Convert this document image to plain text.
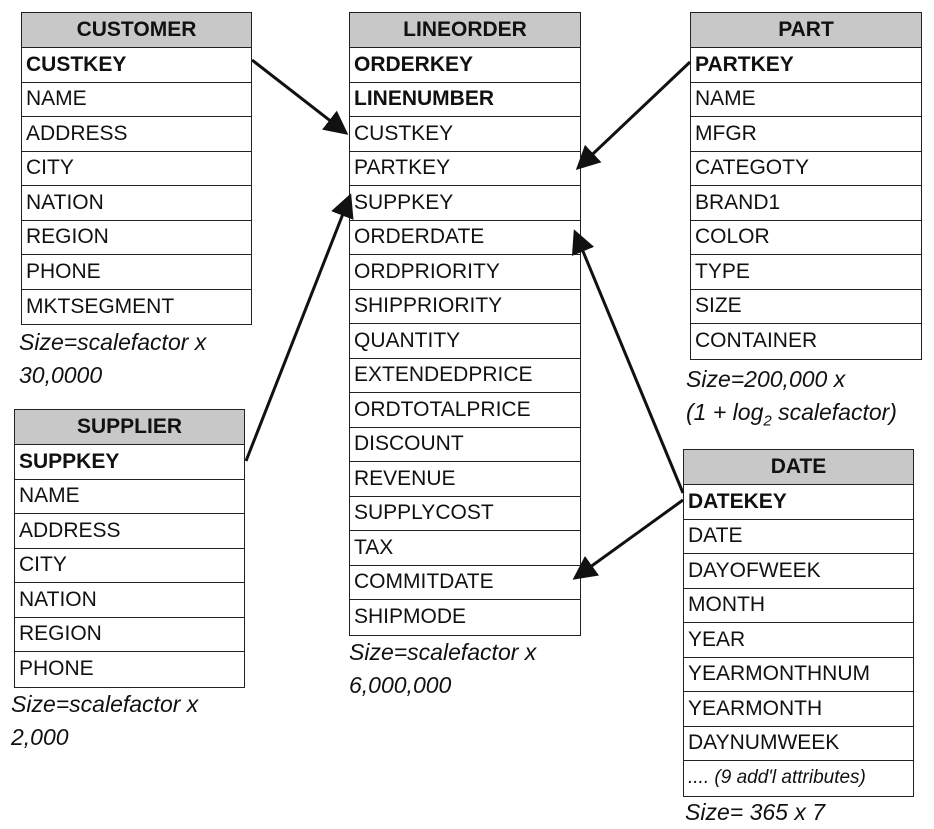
CUSTOMER
CUSTKEY
NAME
ADDRESS
CITY
NATION
REGION
PHONE
MKTSEGMENT
Size=scalefactor x
30,0000
LINEORDER
ORDERKEY
LINENUMBER
CUSTKEY
PARTKEY
SUPPKEY
ORDERDATE
ORDPRIORITY
SHIPPRIORITY
QUANTITY
EXTENDEDPRICE
ORDTOTALPRICE
DISCOUNT
REVENUE
SUPPLYCOST
TAX
COMMITDATE
SHIPMODE
Size=scalefactor x
6,000,000
PART
PARTKEY
NAME
MFGR
CATEGOTY
BRAND1
COLOR
TYPE
SIZE
CONTAINER
Size=200,000 x
($1 + \log_2$ scalefactor)
SUPPLIER
SUPPKEY
NAME
ADDRESS
CITY
NATION
REGION
PHONE
Size=scalefactor x
2,000
DATE
DATEKEY
DATE
DAYOFWEEK
MONTH
YEAR
YEARMONTHNUM
YEARMONTH
DAYNUMWEEK
.... (9 add'l attributes)
Size= 365 x 7
